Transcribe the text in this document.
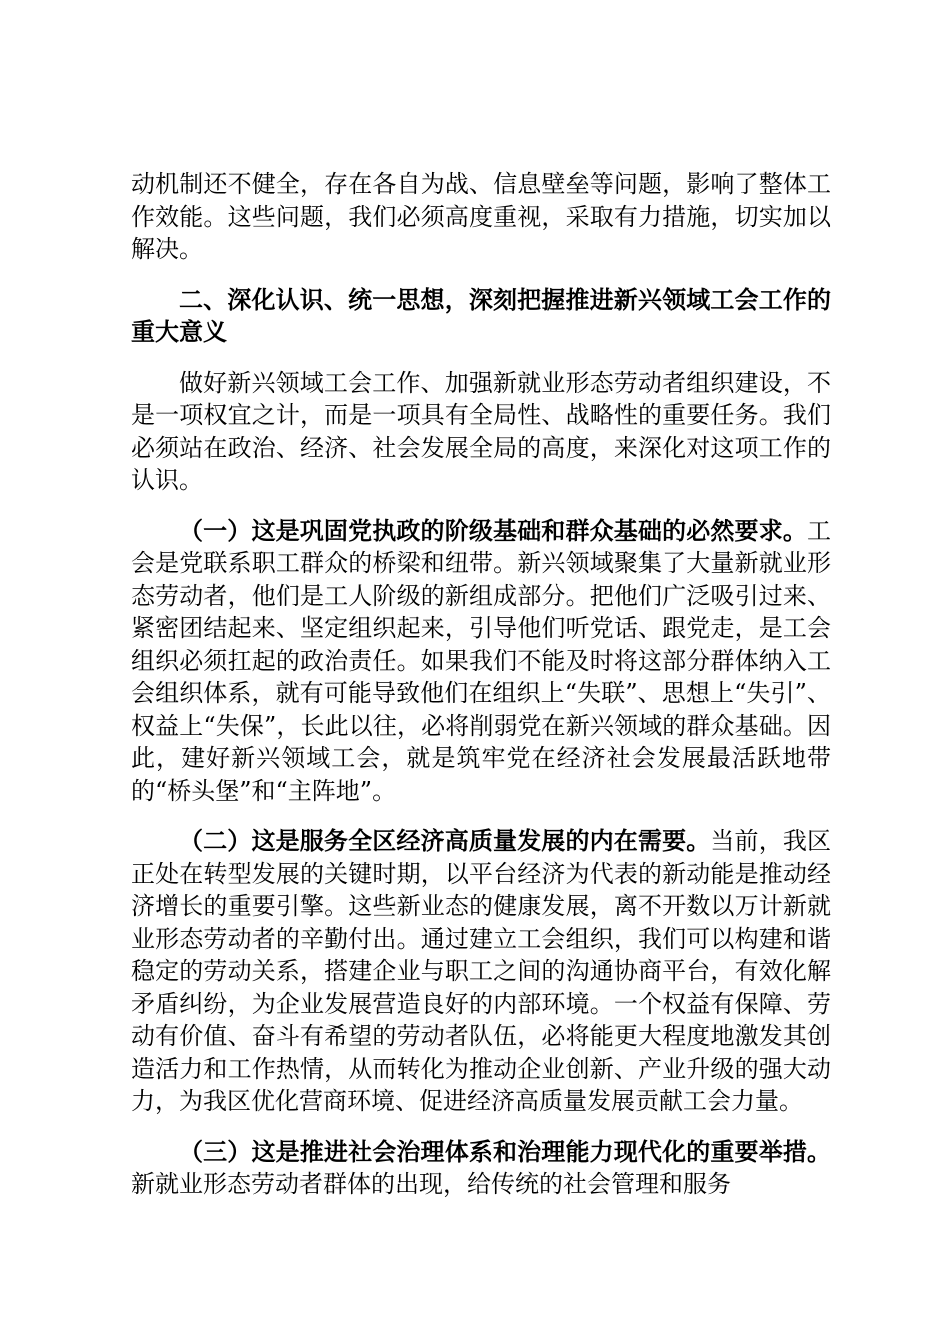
动机制还不健全，存在各自为战、信息壁垒等问题，影响了整体工作效能。这些问题，我们必须高度重视，采取有力措施，切实加以解决。

二、深化认识、统一思想，深刻把握推进新兴领域工会工作的重大意义

做好新兴领域工会工作、加强新就业形态劳动者组织建设，不是一项权宜之计，而是一项具有全局性、战略性的重要任务。我们必须站在政治、经济、社会发展全局的高度，来深化对这项工作的认识。

（一）这是巩固党执政的阶级基础和群众基础的必然要求。工会是党联系职工群众的桥梁和纽带。新兴领域聚集了大量新就业形态劳动者，他们是工人阶级的新组成部分。把他们广泛吸引过来、紧密团结起来、坚定组织起来，引导他们听党话、跟党走，是工会组织必须扛起的政治责任。如果我们不能及时将这部分群体纳入工会组织体系，就有可能导致他们在组织上“失联”、思想上“失引”、权益上“失保”，长此以往，必将削弱党在新兴领域的群众基础。因此，建好新兴领域工会，就是筑牢党在经济社会发展最活跃地带的“桥头堡”和“主阵地”。

（二）这是服务全区经济高质量发展的内在需要。当前，我区正处在转型发展的关键时期，以平台经济为代表的新动能是推动经济增长的重要引擎。这些新业态的健康发展，离不开数以万计新就业形态劳动者的辛勤付出。通过建立工会组织，我们可以构建和谐稳定的劳动关系，搭建企业与职工之间的沟通协商平台，有效化解矛盾纠纷，为企业发展营造良好的内部环境。一个权益有保障、劳动有价值、奋斗有希望的劳动者队伍，必将能更大程度地激发其创造活力和工作热情，从而转化为推动企业创新、产业升级的强大动力，为我区优化营商环境、促进经济高质量发展贡献工会力量。

（三）这是推进社会治理体系和治理能力现代化的重要举措。新就业形态劳动者群体的出现，给传统的社会管理和服务
